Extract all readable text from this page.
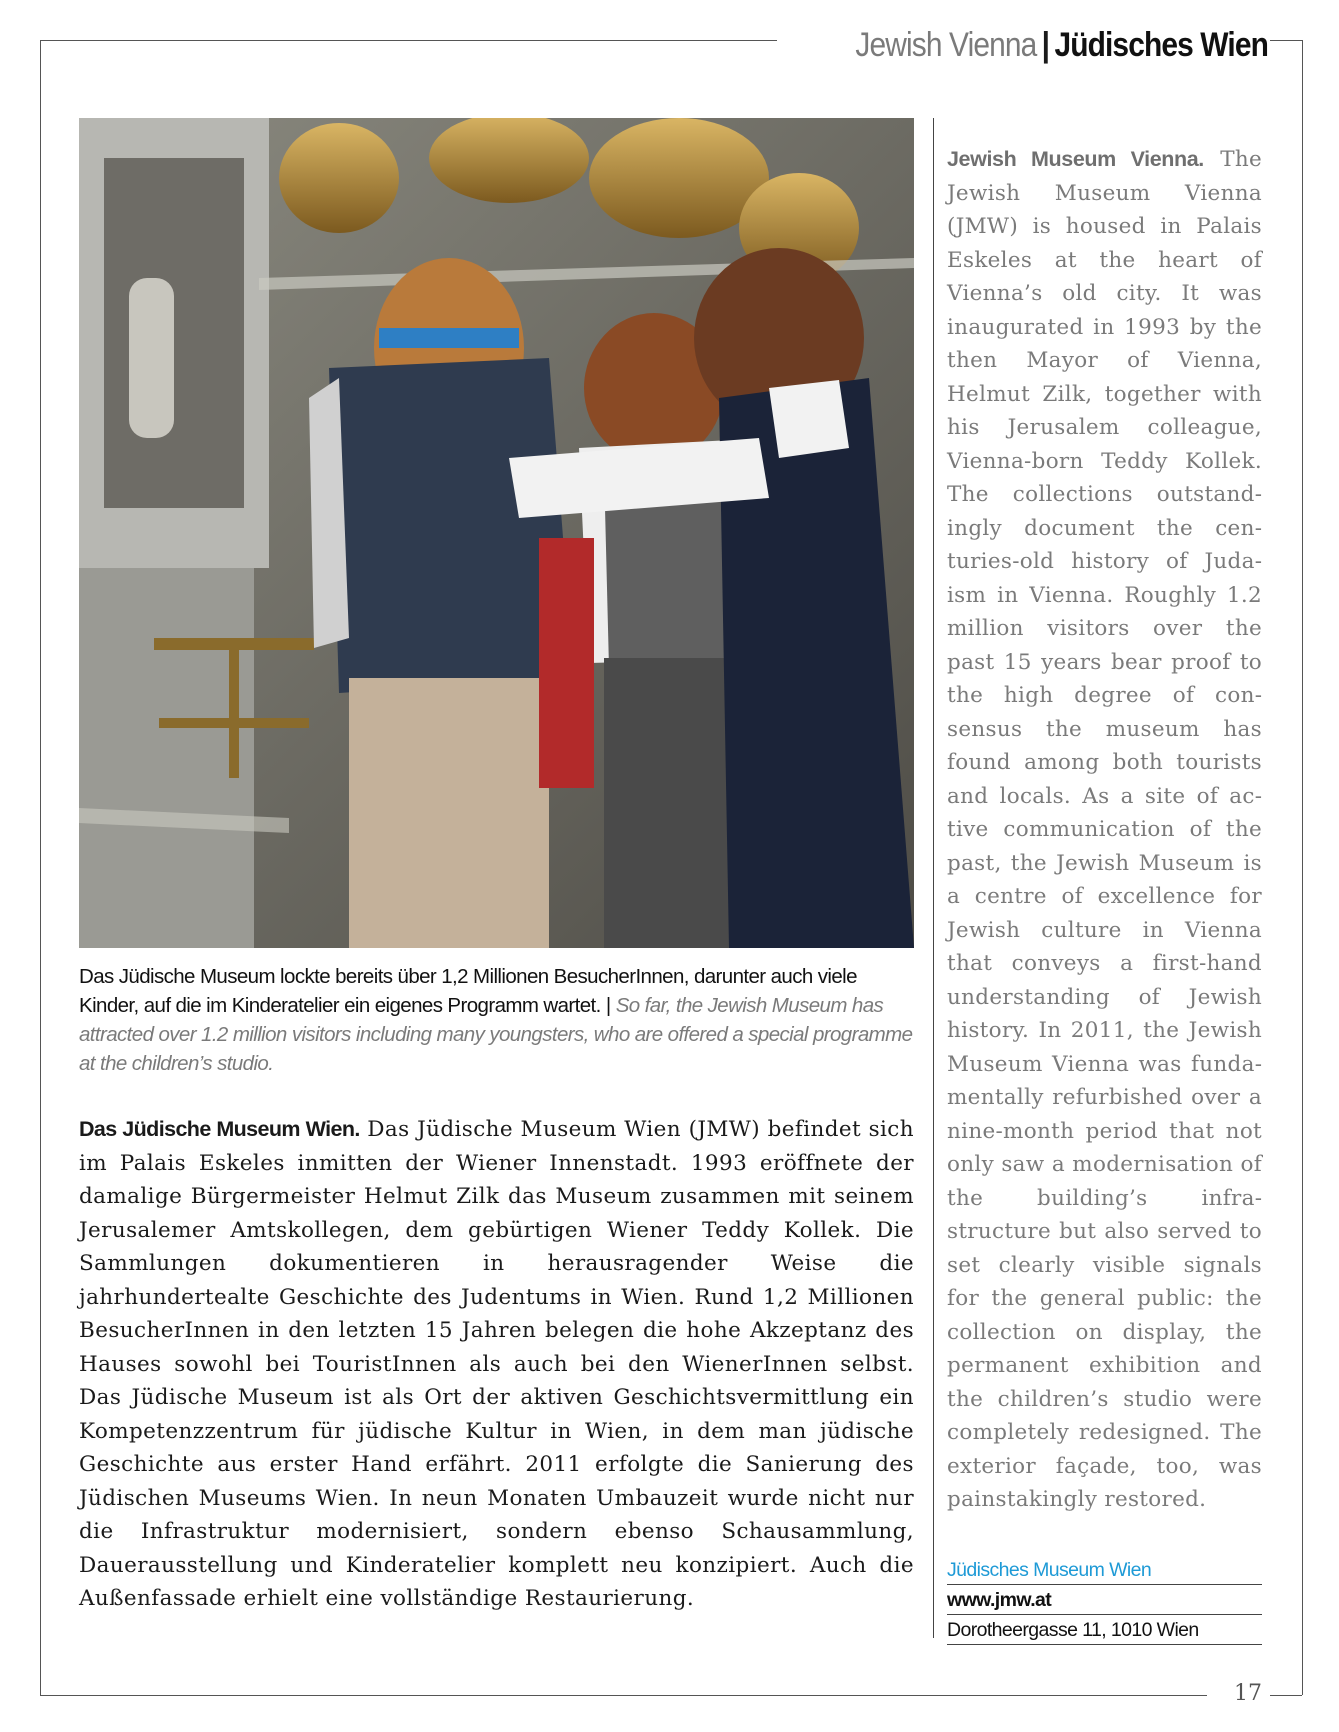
Jewish Vienna | Jüdisches Wien
Das Jüdische Museum lockte bereits über 1,2 Millionen BesucherInnen, darunter auch viele Kinder, auf die im Kinderatelier ein eigenes Programm wartet. | So far, the Jewish Museum has attracted over 1.2 million visitors including many youngsters, who are offered a special programme at the children’s studio.
Das Jüdische Museum Wien. Das Jüdische Museum Wien (JMW) befindet sich im Palais Eskeles inmitten der Wiener Innenstadt. 1993 eröffnete der damalige Bürgermeister Helmut Zilk das Museum zusammen mit seinem Jerusalemer Amtskollegen, dem gebürtigen Wiener Teddy Kollek. Die Sammlungen dokumentieren in herausragender Weise die jahrhundertealte Geschichte des Judentums in Wien. Rund 1,2 Millionen BesucherInnen in den letzten 15 Jahren belegen die hohe Akzeptanz des Hauses sowohl bei TouristInnen als auch bei den WienerInnen selbst. Das Jüdische Museum ist als Ort der aktiven Geschichtsvermittlung ein Kompetenzzentrum für jüdische Kultur in Wien, in dem man jüdische Geschichte aus erster Hand erfährt. 2011 erfolgte die Sanierung des Jüdischen Museums Wien. In neun Monaten Umbauzeit wurde nicht nur die Infrastruktur modernisiert, sondern ebenso Schausammlung, Dauerausstellung und Kinderatelier komplett neu konzipiert. Auch die Außenfassade erhielt eine vollständige Restaurierung.
Jewish Museum Vienna. The Jewish Museum Vienna (JMW) is housed in Palais Eskeles at the heart of Vienna’s old city. It was inaugurated in 1993 by the then Mayor of Vienna, Helmut Zilk, together with his Jerusalem colleague, Vienna-born Teddy Kollek. The collections outstandingly document the centuries-old history of Judaism in Vienna. Roughly 1.2 million visitors over the past 15 years bear proof to the high degree of consensus the museum has found among both tourists and locals. As a site of active communication of the past, the Jewish Museum is a centre of excellence for Jewish culture in Vienna that conveys a first-hand understanding of Jewish history. In 2011, the Jewish Museum Vienna was fundamentally refurbished over a nine-month period that not only saw a modernisation of the building’s infrastructure but also served to set clearly visible signals for the general public: the collection on display, the permanent exhibition and the children’s studio were completely redesigned. The exterior façade, too, was painstakingly restored.
Jüdisches Museum Wien
www.jmw.at
Dorotheergasse 11, 1010 Wien
17
